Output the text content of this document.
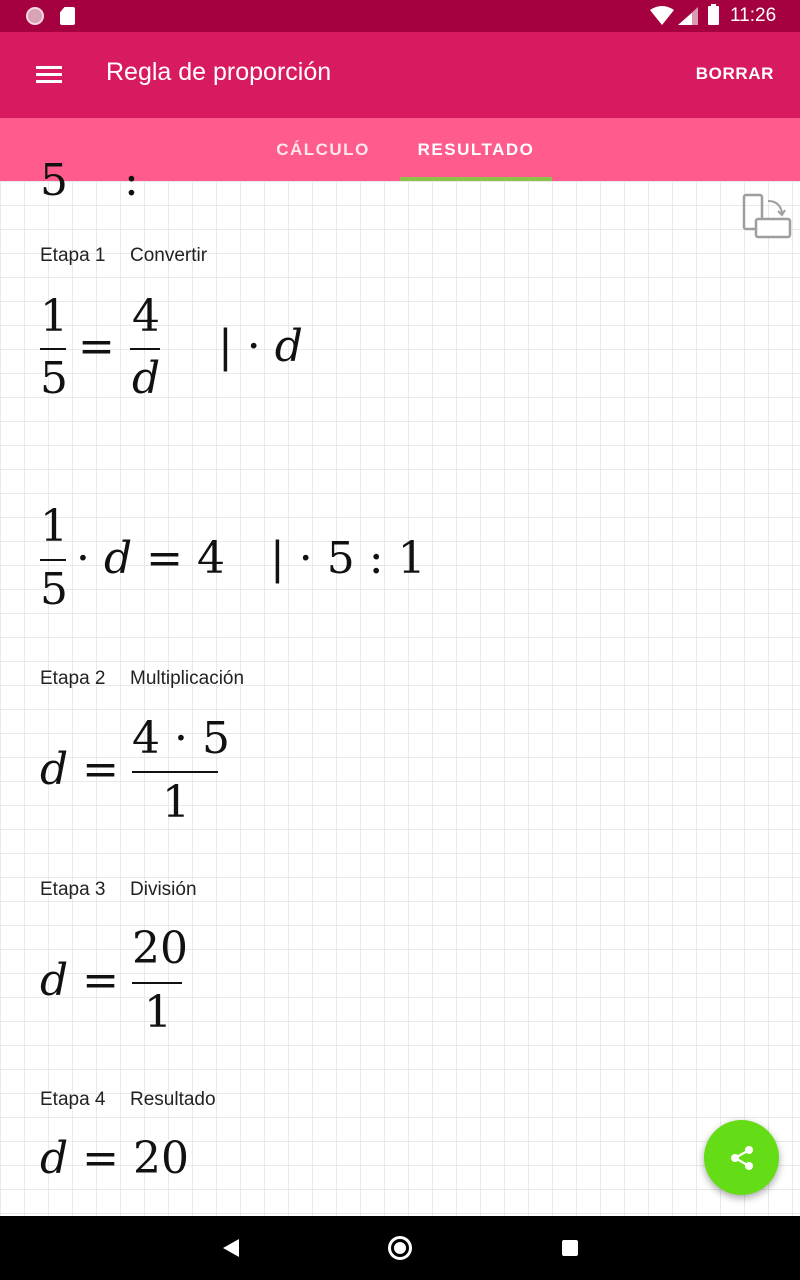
11:26
Regla de proporción	BORRAR
CÁLCULO	RESULTADO
5    :
Etapa 1 Convertir
1
5
=
4
d
| · d
1
5
· d = 4 | · 5 : 1
Etapa 2 Multiplicación
d =
4 · 5
1
Etapa 3 División
d =
20
1
Etapa 4 Resultado
d = 20
